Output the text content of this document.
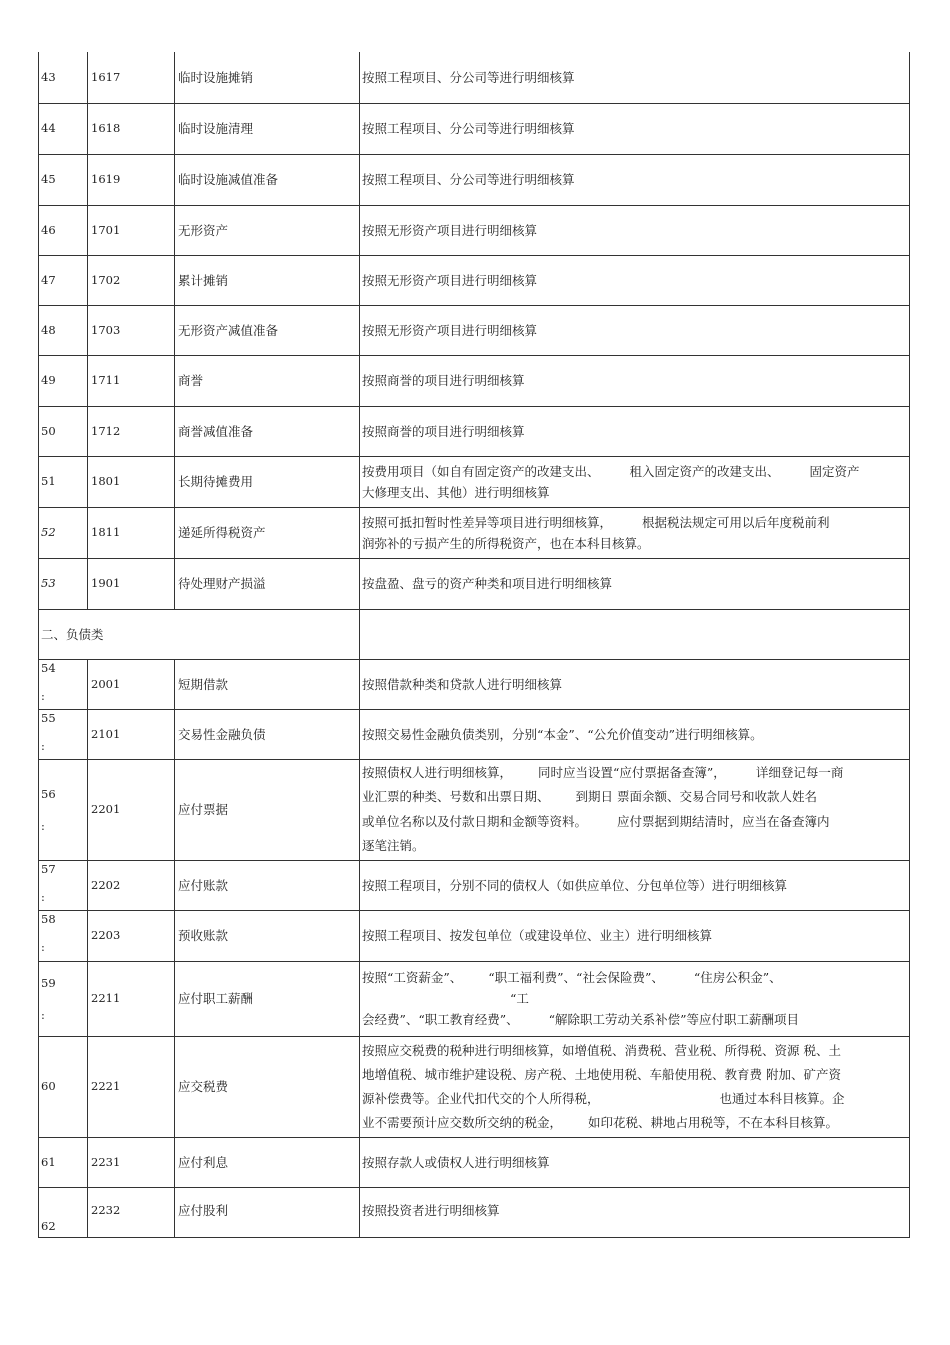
43	1617	临时设施摊销	按照工程项目、分公司等进行明细核算
44	1618	临时设施清理	按照工程项目、分公司等进行明细核算
45	1619	临时设施减值准备	按照工程项目、分公司等进行明细核算
46	1701	无形资产	按照无形资产项目进行明细核算
47	1702	累计摊销	按照无形资产项目进行明细核算
48	1703	无形资产减值准备	按照无形资产项目进行明细核算
49	1711	商誉	按照商誉的项目进行明细核算
50	1712	商誉减值准备	按照商誉的项目进行明细核算
51	1801	长期待摊费用	按费用项目（如自有固定资产的改建支出、 租入固定资产的改建支出、 固定资产
大修理支出、其他）进行明细核算
52	1811	递延所得税资产	按照可抵扣暂时性差异等项目进行明细核算， 根据税法规定可用以后年度税前利
润弥补的亏损产生的所得税资产，也在本科目核算。
53	1901	待处理财产损溢	按盘盈、盘亏的资产种类和项目进行明细核算
二、负债类			

54
:	2001	短期借款	按照借款种类和贷款人进行明细核算

55
:	2101	交易性金融负债	按照交易性金融负债类别，分别“本金”、“公允价值变动”进行明细核算。

56
:	2201	应付票据	按照债权人进行明细核算， 同时应当设置“应付票据备查簿”， 详细登记每一商
业汇票的种类、号数和出票日期、 到期日 票面余额、交易合同号和收款人姓名
或单位名称以及付款日期和金额等资料。 应付票据到期结清时，应当在备查簿内
逐笔注销。

57
:	2202	应付账款	按照工程项目，分别不同的债权人（如供应单位、分包单位等）进行明细核算

58
:	2203	预收账款	按照工程项目、按发包单位（或建设单位、业主）进行明细核算

59
:	2211	应付职工薪酬	按照“工资薪金”、 “职工福利费”、“社会保险费”、 “住房公积金”、
“工
会经费”、“职工教育经费”、 “解除职工劳动关系补偿”等应付职工薪酬项目
60	2221	应交税费	按照应交税费的税种进行明细核算，如增值税、消费税、营业税、所得税、资源 税、土
地增值税、城市维护建设税、房产税、土地使用税、车船使用税、教育费 附加、矿产资
源补偿费等。企业代扣代交的个人所得税， 也通过本科目核算。企
业不需要预计应交数所交纳的税金， 如印花税、耕地占用税等，不在本科目核算。
61	2231	应付利息	按照存款人或债权人进行明细核算
62	2232	应付股利	按照投资者进行明细核算
